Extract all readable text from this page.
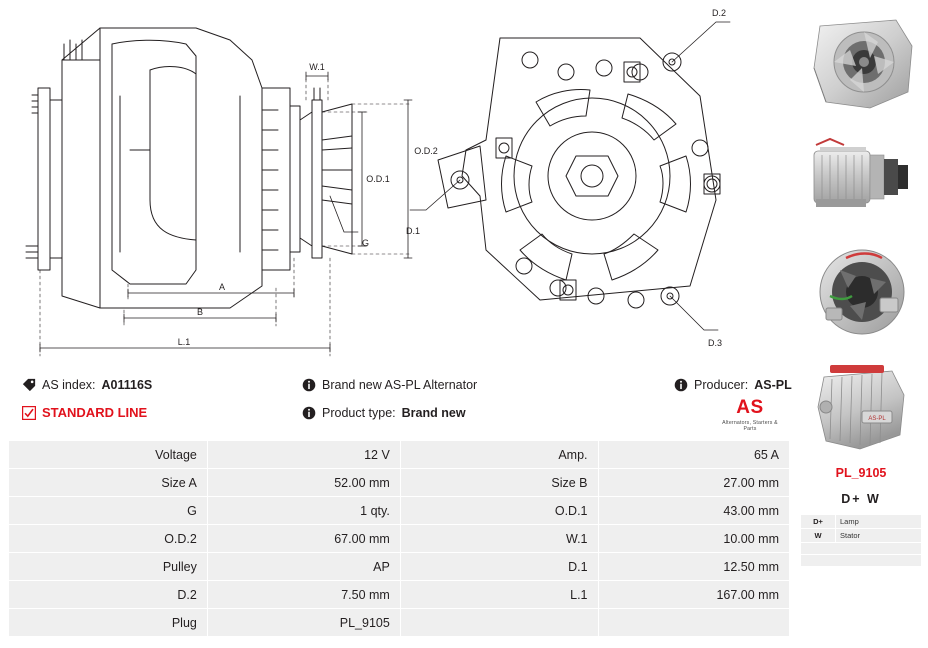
W.1
O.D.1
O.D.2
G
A
B
L.1
D.2
D.1
D.3
AS index: A01116S
STANDARD LINE
Brand new AS-PL Alternator
Product type: Brand new
Producer: AS-PL
AS
Alternators, Starters & Parts
Voltage	12 V	Amp.	65 A
Size A	52.00 mm	Size B	27.00 mm
G	1 qty.	O.D.1	43.00 mm
O.D.2	67.00 mm	W.1	10.00 mm
Pulley	AP	D.1	12.50 mm
D.2	7.50 mm	L.1	167.00 mm
Plug	PL_9105		
AS-PL
PL_9105
D+ W
D+	Lamp
W	Stator
